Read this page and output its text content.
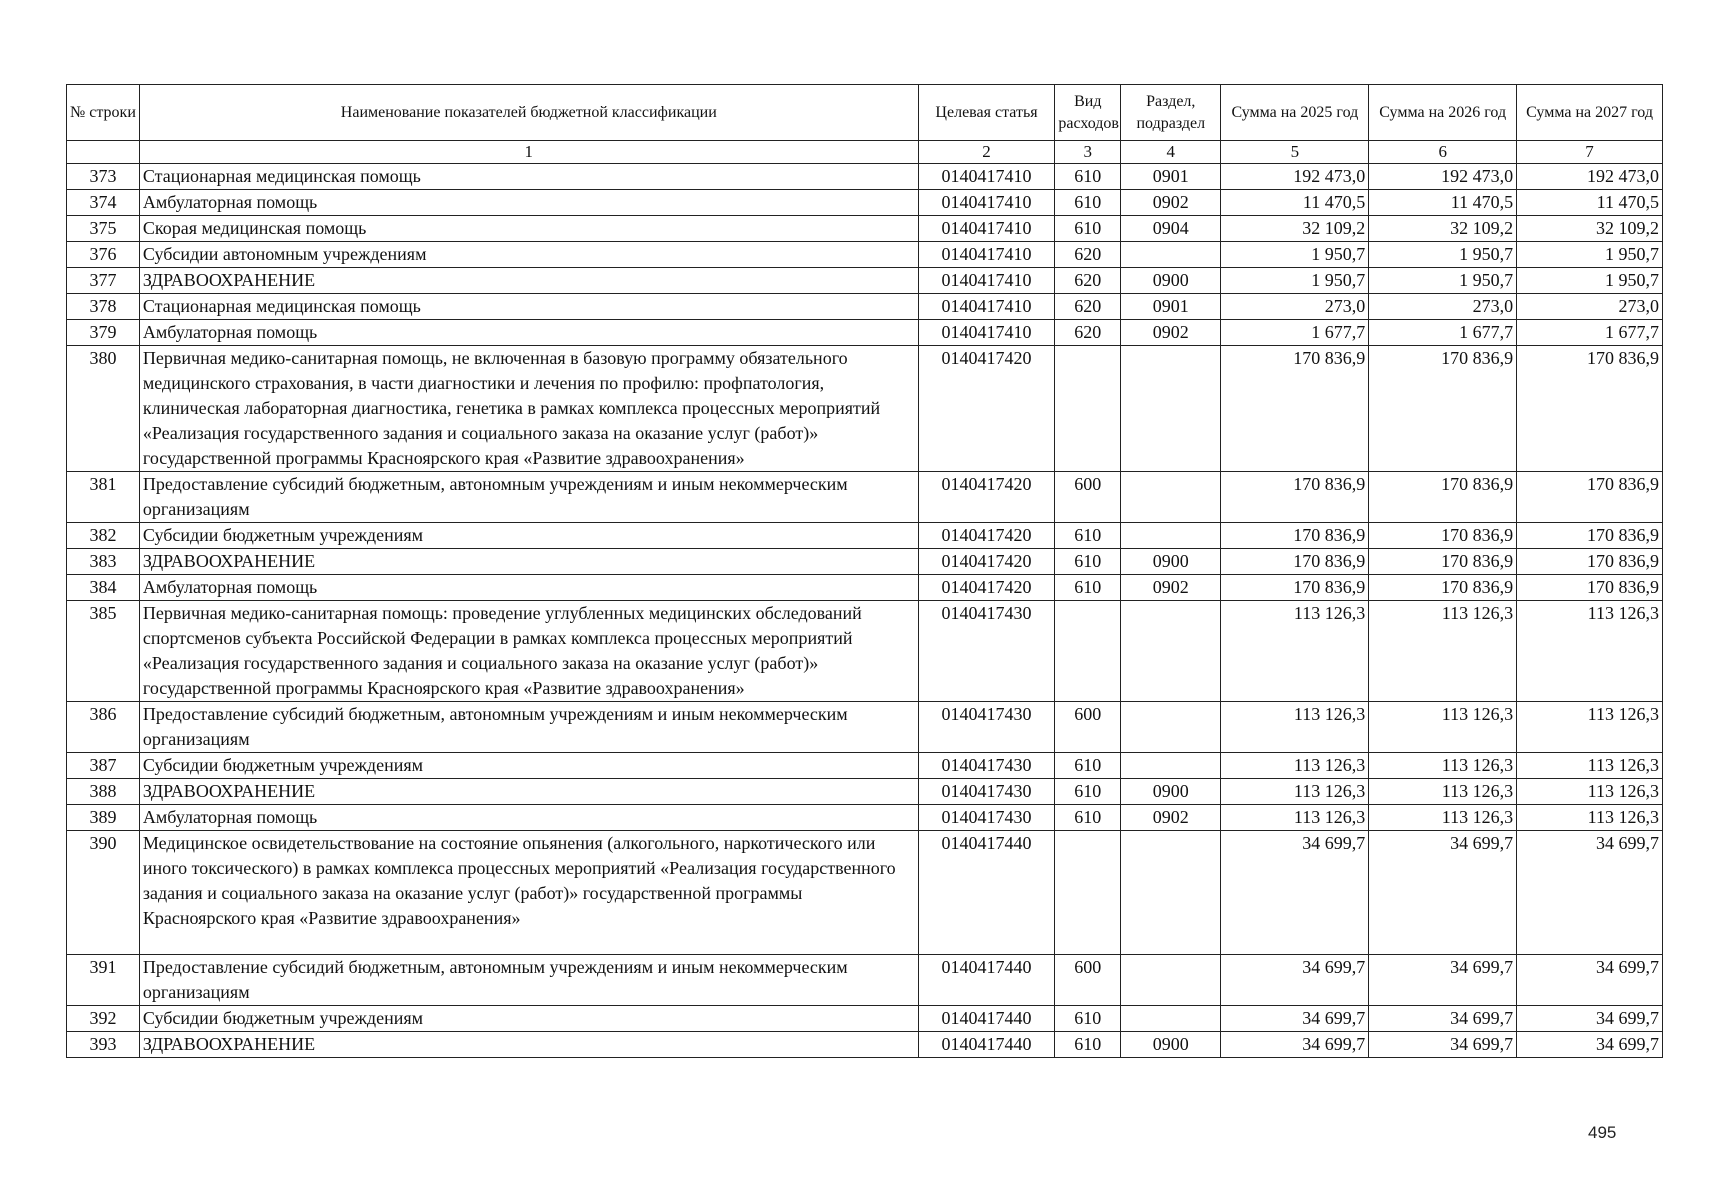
№ строки	Наименование показателей бюджетной классификации	Целевая статья	Вид расходов	Раздел, подраздел	Сумма на 2025 год	Сумма на 2026 год	Сумма на 2027 год
	1	2	3	4	5	6	7
373	Стационарная медицинская помощь	0140417410	610	0901	192 473,0	192 473,0	192 473,0
374	Амбулаторная помощь	0140417410	610	0902	11 470,5	11 470,5	11 470,5
375	Скорая медицинская помощь	0140417410	610	0904	32 109,2	32 109,2	32 109,2
376	Субсидии автономным учреждениям	0140417410	620		1 950,7	1 950,7	1 950,7
377	ЗДРАВООХРАНЕНИЕ	0140417410	620	0900	1 950,7	1 950,7	1 950,7
378	Стационарная медицинская помощь	0140417410	620	0901	273,0	273,0	273,0
379	Амбулаторная помощь	0140417410	620	0902	1 677,7	1 677,7	1 677,7
380	Первичная медико-санитарная помощь, не включенная в базовую программу обязательного медицинского страхования, в части диагностики и лечения по профилю: профпатология, клиническая лабораторная диагностика, генетика в рамках комплекса процессных мероприятий «Реализация государственного задания и социального заказа на оказание услуг (работ)» государственной программы Красноярского края «Развитие здравоохранения»	0140417420			170 836,9	170 836,9	170 836,9
381	Предоставление субсидий бюджетным, автономным учреждениям и иным некоммерческим организациям	0140417420	600		170 836,9	170 836,9	170 836,9
382	Субсидии бюджетным учреждениям	0140417420	610		170 836,9	170 836,9	170 836,9
383	ЗДРАВООХРАНЕНИЕ	0140417420	610	0900	170 836,9	170 836,9	170 836,9
384	Амбулаторная помощь	0140417420	610	0902	170 836,9	170 836,9	170 836,9
385	Первичная медико-санитарная помощь: проведение углубленных медицинских обследований спортсменов субъекта Российской Федерации в рамках комплекса процессных мероприятий «Реализация государственного задания и социального заказа на оказание услуг (работ)» государственной программы Красноярского края «Развитие здравоохранения»	0140417430			113 126,3	113 126,3	113 126,3
386	Предоставление субсидий бюджетным, автономным учреждениям и иным некоммерческим организациям	0140417430	600		113 126,3	113 126,3	113 126,3
387	Субсидии бюджетным учреждениям	0140417430	610		113 126,3	113 126,3	113 126,3
388	ЗДРАВООХРАНЕНИЕ	0140417430	610	0900	113 126,3	113 126,3	113 126,3
389	Амбулаторная помощь	0140417430	610	0902	113 126,3	113 126,3	113 126,3
390	Медицинское освидетельствование на состояние опьянения (алкогольного, наркотического или иного токсического) в рамках комплекса процессных мероприятий «Реализация государственного задания и социального заказа на оказание услуг (работ)» государственной программы Красноярского края «Развитие здравоохранения»	0140417440			34 699,7	34 699,7	34 699,7
391	Предоставление субсидий бюджетным, автономным учреждениям и иным некоммерческим организациям	0140417440	600		34 699,7	34 699,7	34 699,7
392	Субсидии бюджетным учреждениям	0140417440	610		34 699,7	34 699,7	34 699,7
393	ЗДРАВООХРАНЕНИЕ	0140417440	610	0900	34 699,7	34 699,7	34 699,7
495
